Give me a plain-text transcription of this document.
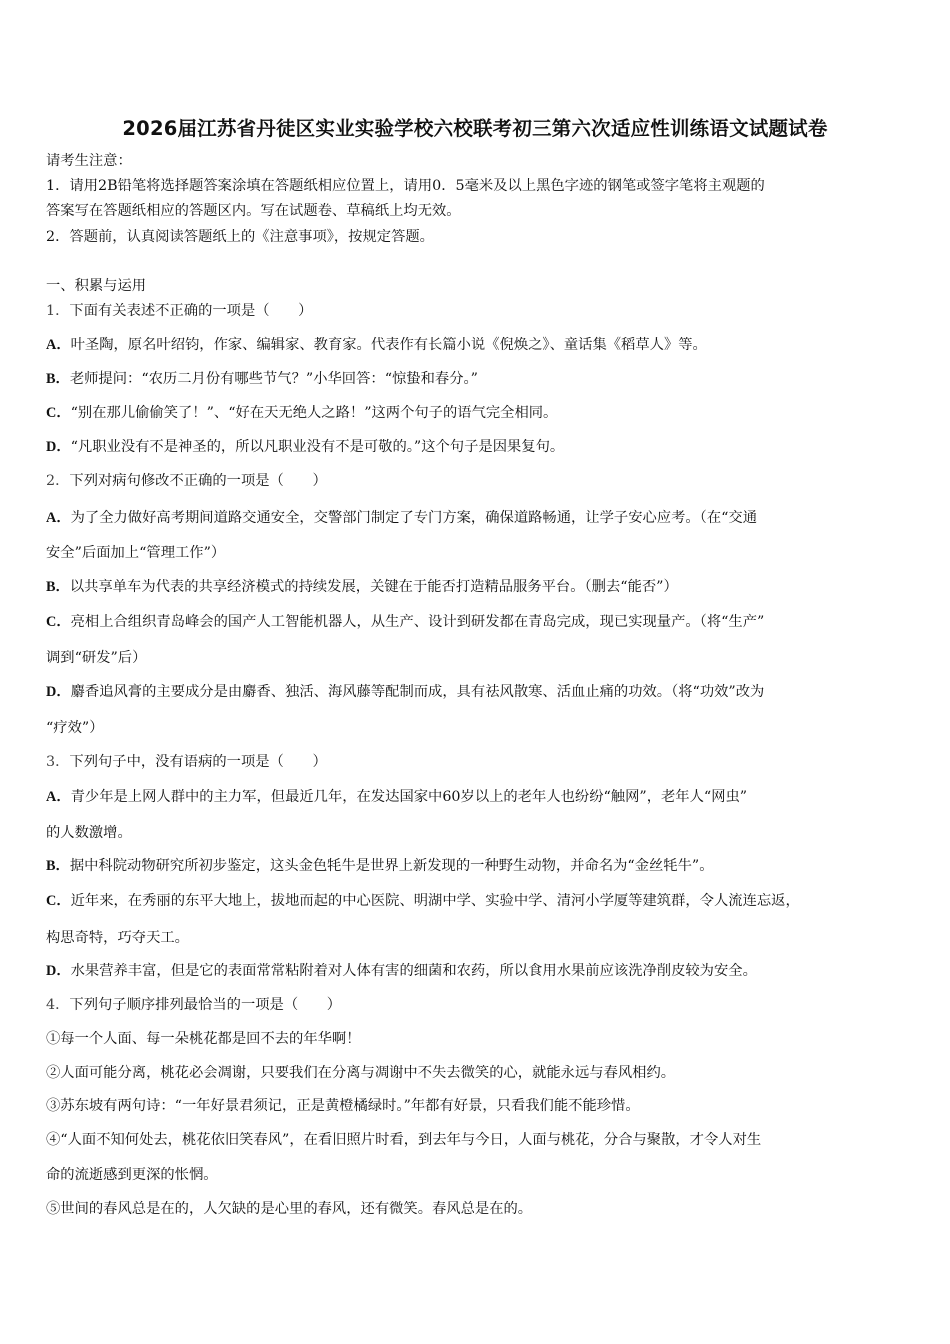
2026届江苏省丹徒区实业实验学校六校联考初三第六次适应性训练语文试题试卷
请考生注意：
1．请用2B铅笔将选择题答案涂填在答题纸相应位置上，请用0．5毫米及以上黑色字迹的钢笔或签字笔将主观题的
答案写在答题纸相应的答题区内。写在试题卷、草稿纸上均无效。
2．答题前，认真阅读答题纸上的《注意事项》，按规定答题。
一、积累与运用
1．下面有关表述不正确的一项是（　　）
A．叶圣陶，原名叶绍钧，作家、编辑家、教育家。代表作有长篇小说《倪焕之》、童话集《稻草人》等。
B．老师提问：“农历二月份有哪些节气？”小华回答：“惊蛰和春分。”
C．“别在那儿偷偷笑了！”、“好在天无绝人之路！”这两个句子的语气完全相同。
D．“凡职业没有不是神圣的，所以凡职业没有不是可敬的。”这个句子是因果复句。
2．下列对病句修改不正确的一项是（　　）
A．为了全力做好高考期间道路交通安全，交警部门制定了专门方案，确保道路畅通，让学子安心应考。（在“交通
安全”后面加上“管理工作”）
B．以共享单车为代表的共享经济模式的持续发展，关键在于能否打造精品服务平台。（删去“能否”）
C．亮相上合组织青岛峰会的国产人工智能机器人，从生产、设计到研发都在青岛完成，现已实现量产。（将“生产”
调到“研发”后）
D．麝香追风膏的主要成分是由麝香、独活、海风藤等配制而成，具有祛风散寒、活血止痛的功效。（将“功效”改为
“疗效”）
3．下列句子中，没有语病的一项是（　　）
A．青少年是上网人群中的主力军，但最近几年，在发达国家中60岁以上的老年人也纷纷“触网”，老年人“网虫”
的人数激增。
B．据中科院动物研究所初步鉴定，这头金色牦牛是世界上新发现的一种野生动物，并命名为“金丝牦牛”。
C．近年来，在秀丽的东平大地上，拔地而起的中心医院、明湖中学、实验中学、清河小学厦等建筑群，令人流连忘返，
构思奇特，巧夺天工。
D．水果营养丰富，但是它的表面常常粘附着对人体有害的细菌和农药，所以食用水果前应该洗净削皮较为安全。
4．下列句子顺序排列最恰当的一项是（　　）
①每一个人面、每一朵桃花都是回不去的年华啊！
②人面可能分离，桃花必会凋谢，只要我们在分离与凋谢中不失去微笑的心，就能永远与春风相约。
③苏东坡有两句诗：“一年好景君须记，正是黄橙橘绿时。”年都有好景，只看我们能不能珍惜。
④“人面不知何处去，桃花依旧笑春风”，在看旧照片时看，到去年与今日，人面与桃花，分合与聚散，才令人对生
命的流逝感到更深的怅惘。
⑤世间的春风总是在的，人欠缺的是心里的春风，还有微笑。春风总是在的。
